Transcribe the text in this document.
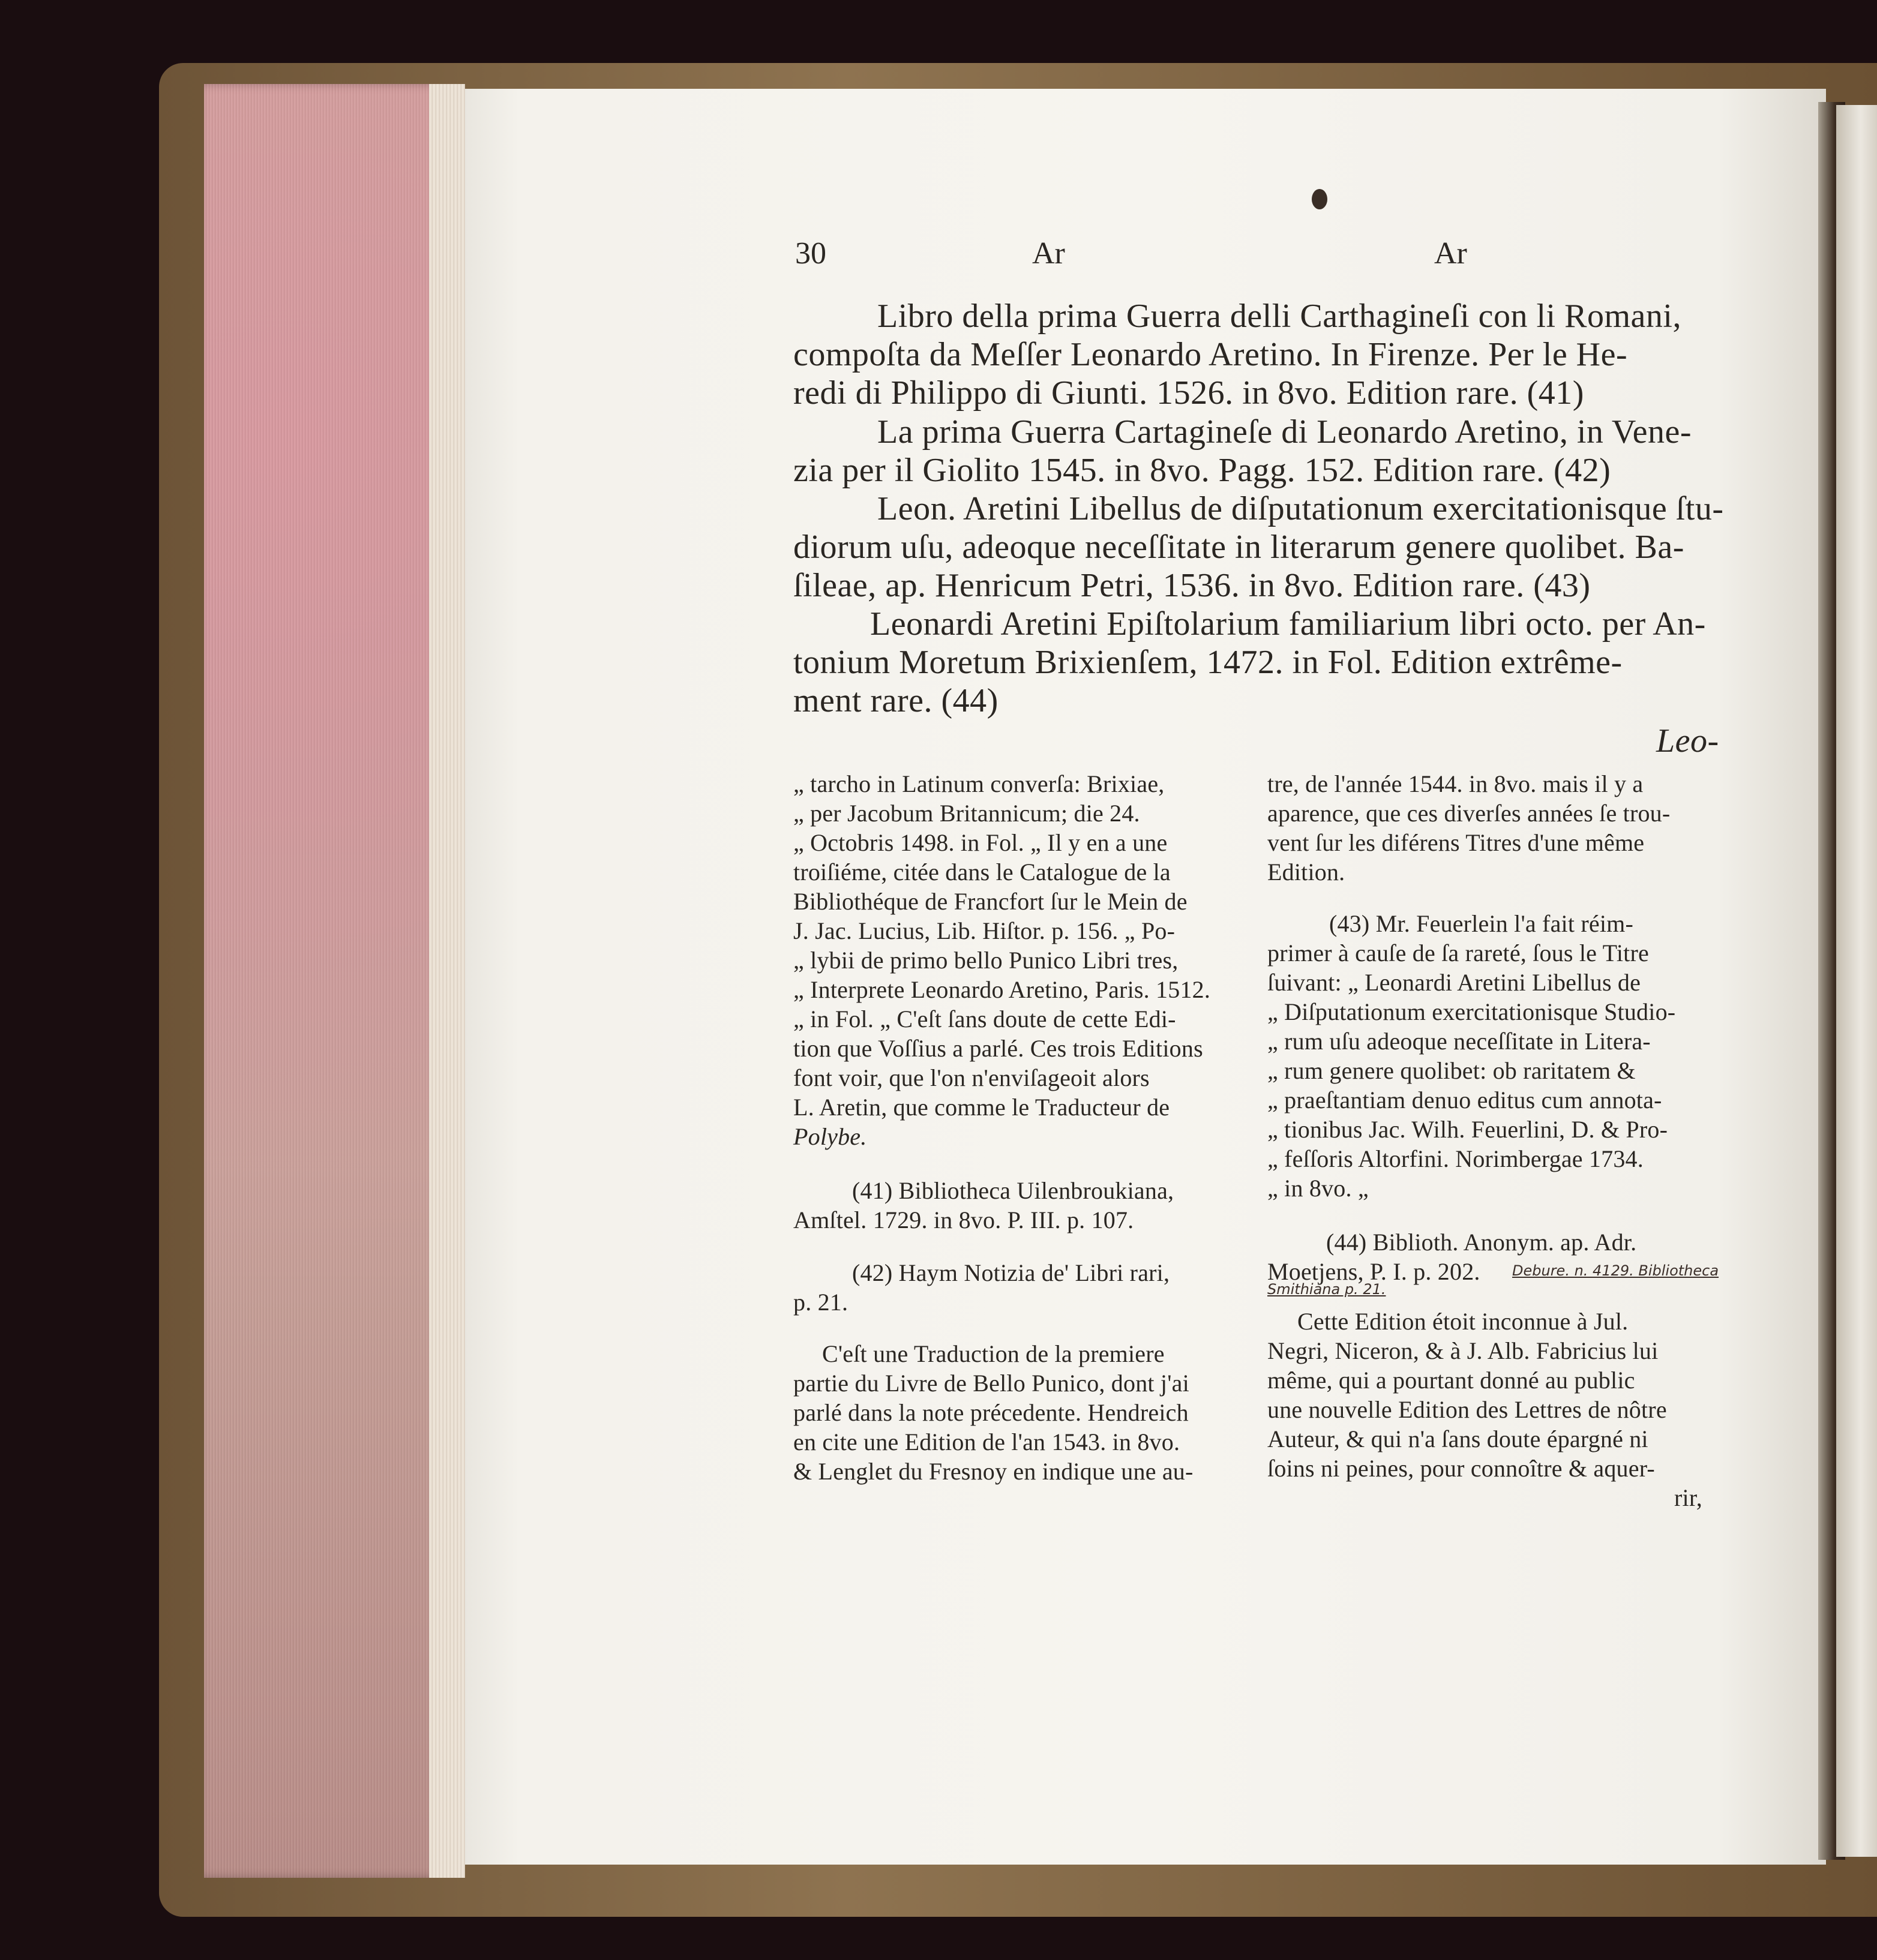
30	Ar	Ar
Libro della prima Guerra delli Carthagineſi con li Romani,
compoſta da Meſſer Leonardo Aretino. In Firenze. Per le He-
redi di Philippo di Giunti. 1526. in 8vo. Edition rare. (41)
La prima Guerra Cartagineſe di Leonardo Aretino, in Vene-
zia per il Giolito 1545. in 8vo. Pagg. 152. Edition rare. (42)
Leon. Aretini Libellus de diſputationum exercitationisque ſtu-
diorum uſu, adeoque neceſſitate in literarum genere quolibet. Ba-
ſileae, ap. Henricum Petri, 1536. in 8vo. Edition rare. (43)
Leonardi Aretini Epiſtolarium familiarium libri octo. per An-
tonium Moretum Brixienſem, 1472. in Fol. Edition extrême-
ment rare. (44)
Leo-
„ tarcho in Latinum converſa: Brixiae,
„ per Jacobum Britannicum; die 24.
„ Octobris 1498. in Fol. „ Il y en a une
troiſiéme, citée dans le Catalogue de la
Bibliothéque de Francfort ſur le Mein de
J. Jac. Lucius, Lib. Hiſtor. p. 156. „ Po-
„ lybii de primo bello Punico Libri tres,
„ Interprete Leonardo Aretino, Paris. 1512.
„ in Fol. „ C'eſt ſans doute de cette Edi-
tion que Voſſius a parlé. Ces trois Editions
font voir, que l'on n'enviſageoit alors
L. Aretin, que comme le Traducteur de
Polybe.
(41) Bibliotheca Uilenbroukiana,
Amſtel. 1729. in 8vo. P. III. p. 107.
(42) Haym Notizia de' Libri rari,
p. 21.
C'eſt une Traduction de la premiere
partie du Livre de Bello Punico, dont j'ai
parlé dans la note précedente. Hendreich
en cite une Edition de l'an 1543. in 8vo.
& Lenglet du Fresnoy en indique une au-
tre, de l'année 1544. in 8vo. mais il y a
aparence, que ces diverſes années ſe trou-
vent ſur les diférens Titres d'une même
Edition.
(43) Mr. Feuerlein l'a fait réim-
primer à cauſe de ſa rareté, ſous le Titre
ſuivant: „ Leonardi Aretini Libellus de
„ Diſputationum exercitationisque Studio-
„ rum uſu adeoque neceſſitate in Litera-
„ rum genere quolibet: ob raritatem &
„ praeſtantiam denuo editus cum annota-
„ tionibus Jac. Wilh. Feuerlini, D. & Pro-
„ feſſoris Altorfini. Norimbergae 1734.
„ in 8vo. „
(44) Biblioth. Anonym. ap. Adr.
Moetjens, P. I. p. 202. Debure. n. 4129. Bibliotheca
Smithiana p. 21.
Cette Edition étoit inconnue à Jul.
Negri, Niceron, & à J. Alb. Fabricius lui
même, qui a pourtant donné au public
une nouvelle Edition des Lettres de nôtre
Auteur, & qui n'a ſans doute épargné ni
ſoins ni peines, pour connoître & aquer-
rir,
